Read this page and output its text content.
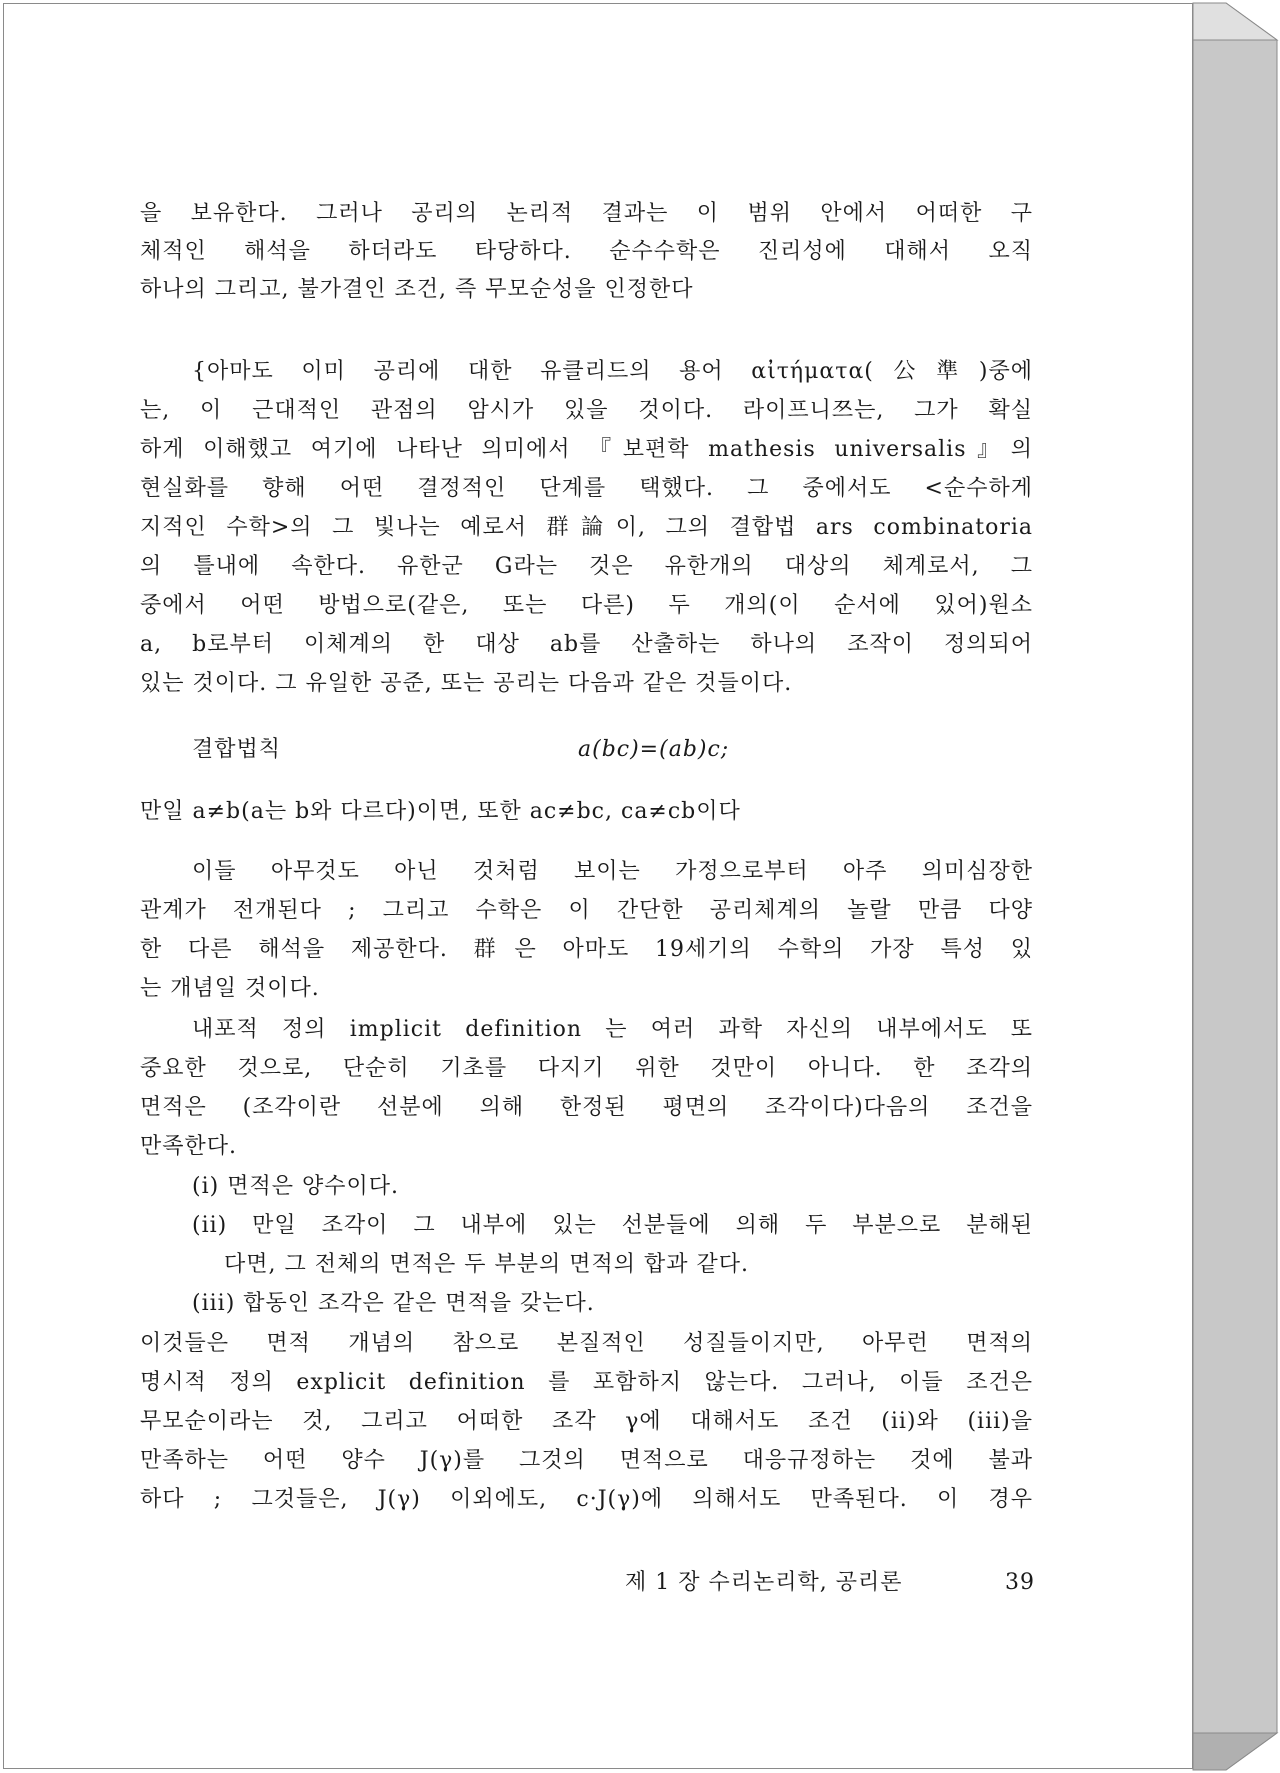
을 보유한다. 그러나 공리의 논리적 결과는 이 범위 안에서 어떠한 구
체적인 해석을 하더라도 타당하다. 순수수학은 진리성에 대해서 오직
하나의 그리고, 불가결인 조건, 즉 무모순성을 인정한다
{아마도 이미 공리에 대한 유클리드의 용어 αἰτήματα(公準)중에
는, 이 근대적인 관점의 암시가 있을 것이다. 라이프니쯔는, 그가 확실
하게 이해했고 여기에 나타난 의미에서 『보편학 mathesis universalis』의
현실화를 향해 어떤 결정적인 단계를 택했다. 그 중에서도 <순수하게
지적인 수학>의 그 빛나는 예로서 群論이, 그의 결합법 ars combinatoria
의 틀내에 속한다. 유한군 G라는 것은 유한개의 대상의 체계로서, 그
중에서 어떤 방법으로(같은, 또는 다른) 두 개의(이 순서에 있어)원소
a, b로부터 이체계의 한 대상 ab를 산출하는 하나의 조작이 정의되어
있는 것이다. 그 유일한 공준, 또는 공리는 다음과 같은 것들이다.
결합법칙	a(bc)=(ab)c;
만일 a≠b(a는 b와 다르다)이면, 또한 ac≠bc, ca≠cb이다
이들 아무것도 아닌 것처럼 보이는 가정으로부터 아주 의미심장한
관계가 전개된다 ; 그리고 수학은 이 간단한 공리체계의 놀랄 만큼 다양
한 다른 해석을 제공한다. 群은 아마도 19세기의 수학의 가장 특성 있
는 개념일 것이다.
내포적 정의 implicit definition 는 여러 과학 자신의 내부에서도 또
중요한 것으로, 단순히 기초를 다지기 위한 것만이 아니다. 한 조각의
면적은 (조각이란 선분에 의해 한정된 평면의 조각이다)다음의 조건을
만족한다.
(i) 면적은 양수이다.
(ii) 만일 조각이 그 내부에 있는 선분들에 의해 두 부분으로 분해된
다면, 그 전체의 면적은 두 부분의 면적의 합과 같다.
(iii) 합동인 조각은 같은 면적을 갖는다.
이것들은 면적 개념의 참으로 본질적인 성질들이지만, 아무런 면적의
명시적 정의 explicit definition 를 포함하지 않는다. 그러나, 이들 조건은
무모순이라는 것, 그리고 어떠한 조각 γ에 대해서도 조건 (ii)와 (iii)을
만족하는 어떤 양수 J(γ)를 그것의 면적으로 대응규정하는 것에 불과
하다 ; 그것들은, J(γ) 이외에도, c·J(γ)에 의해서도 만족된다. 이 경우
제 1 장 수리논리학, 공리론	39
